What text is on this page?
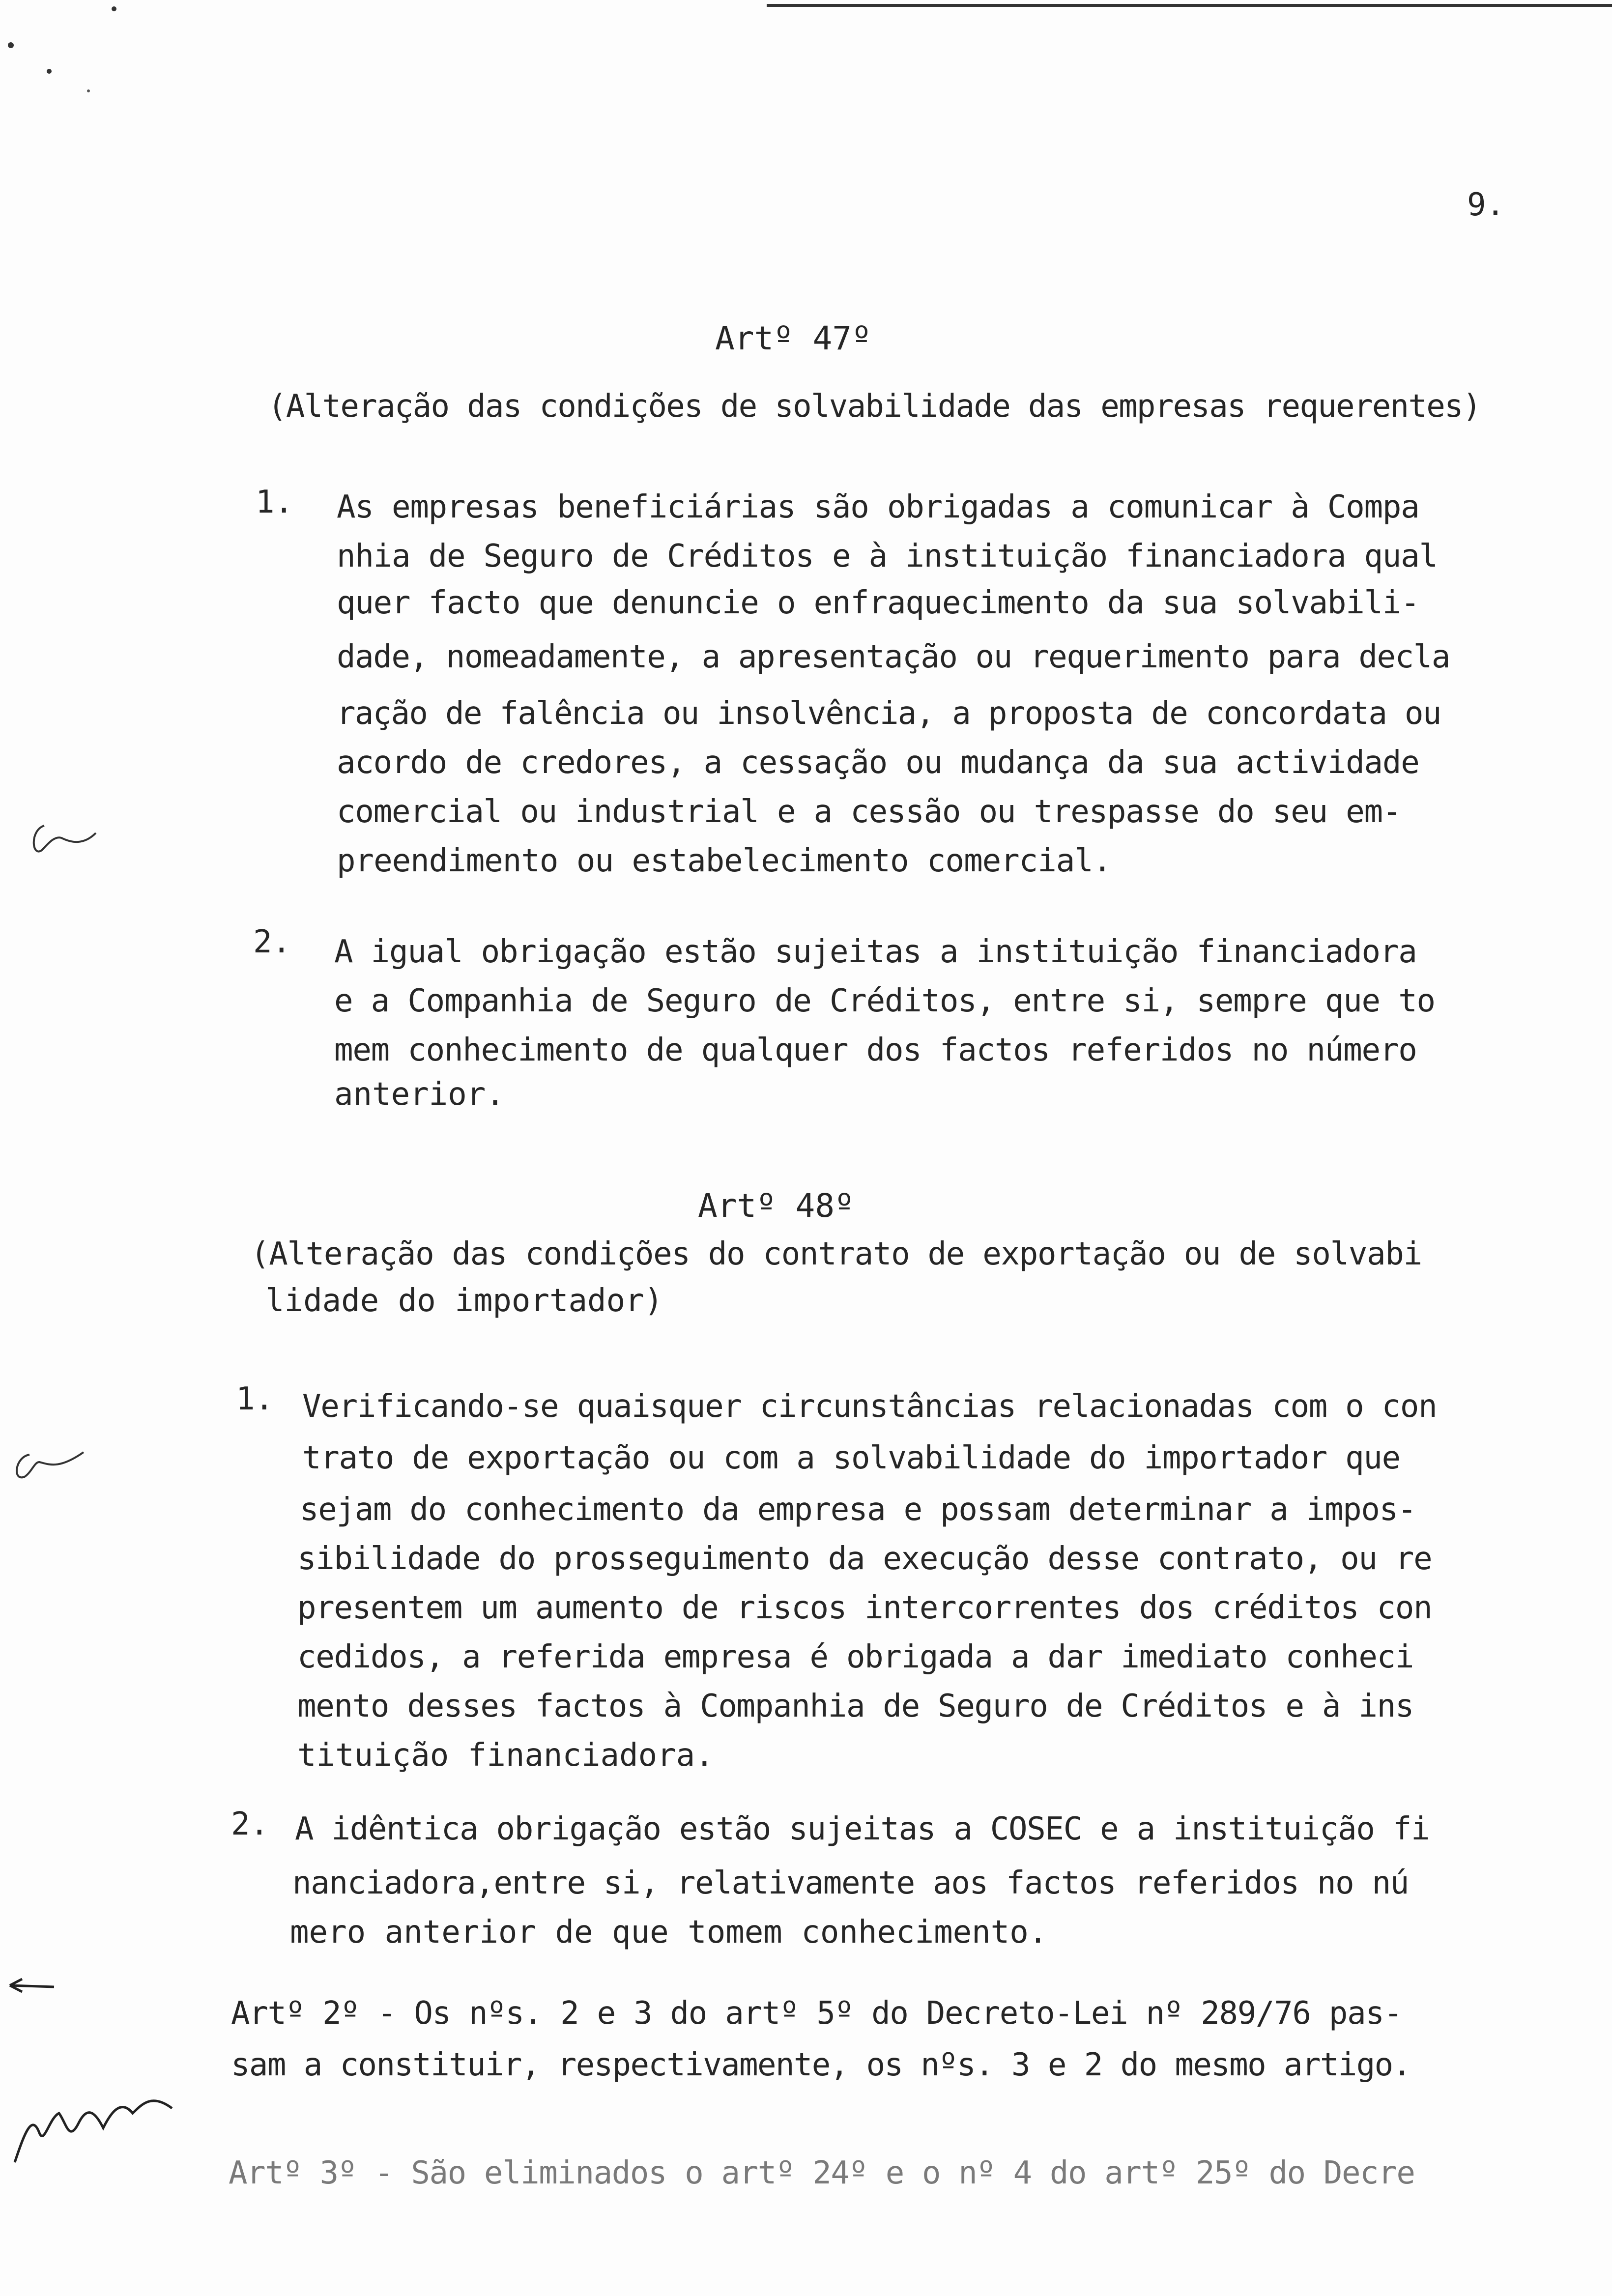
9.
Artº 47º
(Alteração das condições de solvabilidade das empresas requerentes)
1. As empresas beneficiárias são obrigadas a comunicar à Compa
nhia de Seguro de Créditos e à instituição financiadora qual
quer facto que denuncie o enfraquecimento da sua solvabili-
dade, nomeadamente, a apresentação ou requerimento para decla
ração de falência ou insolvência, a proposta de concordata ou
acordo de credores, a cessação ou mudança da sua actividade
comercial ou industrial e a cessão ou trespasse do seu em-
preendimento ou estabelecimento comercial.
2. A igual obrigação estão sujeitas a instituição financiadora
e a Companhia de Seguro de Créditos, entre si, sempre que to
mem conhecimento de qualquer dos factos referidos no número
anterior.
Artº 48º
(Alteração das condições do contrato de exportação ou de solvabi
lidade do importador)
1. Verificando-se quaisquer circunstâncias relacionadas com o con
trato de exportação ou com a solvabilidade do importador que
sejam do conhecimento da empresa e possam determinar a impos-
sibilidade do prosseguimento da execução desse contrato, ou re
presentem um aumento de riscos intercorrentes dos créditos con
cedidos, a referida empresa é obrigada a dar imediato conheci
mento desses factos à Companhia de Seguro de Créditos e à ins
tituição financiadora.
2. A idêntica obrigação estão sujeitas a COSEC e a instituição fi
nanciadora,entre si, relativamente aos factos referidos no nú
mero anterior de que tomem conhecimento.
Artº 2º - Os nºs. 2 e 3 do artº 5º do Decreto-Lei nº 289/76 pas-
sam a constituir, respectivamente, os nºs. 3 e 2 do mesmo artigo.
Artº 3º - São eliminados o artº 24º e o nº 4 do artº 25º do Decre
